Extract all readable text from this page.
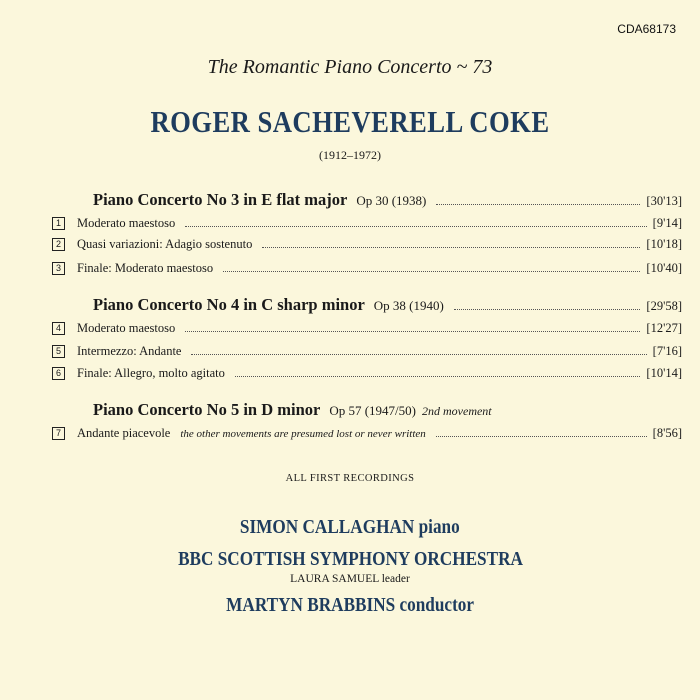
CDA68173
The Romantic Piano Concerto ~ 73
ROGER SACHEVERELL COKE
(1912–1972)
Piano Concerto No 3 in E flat major Op 30 (1938)	[30'13]
1	Moderato maestoso	[9'14]
2	Quasi variazioni: Adagio sostenuto	[10'18]
3	Finale: Moderato maestoso	[10'40]
Piano Concerto No 4 in C sharp minor Op 38 (1940)	[29'58]
4	Moderato maestoso	[12'27]
5	Intermezzo: Andante	[7'16]
6	Finale: Allegro, molto agitato	[10'14]
Piano Concerto No 5 in D minor Op 57 (1947/50) 2nd movement
7	Andante piacevole the other movements are presumed lost or never written	[8'56]
ALL FIRST RECORDINGS
SIMON CALLAGHAN piano
BBC SCOTTISH SYMPHONY ORCHESTRA
LAURA SAMUEL leader
MARTYN BRABBINS conductor
